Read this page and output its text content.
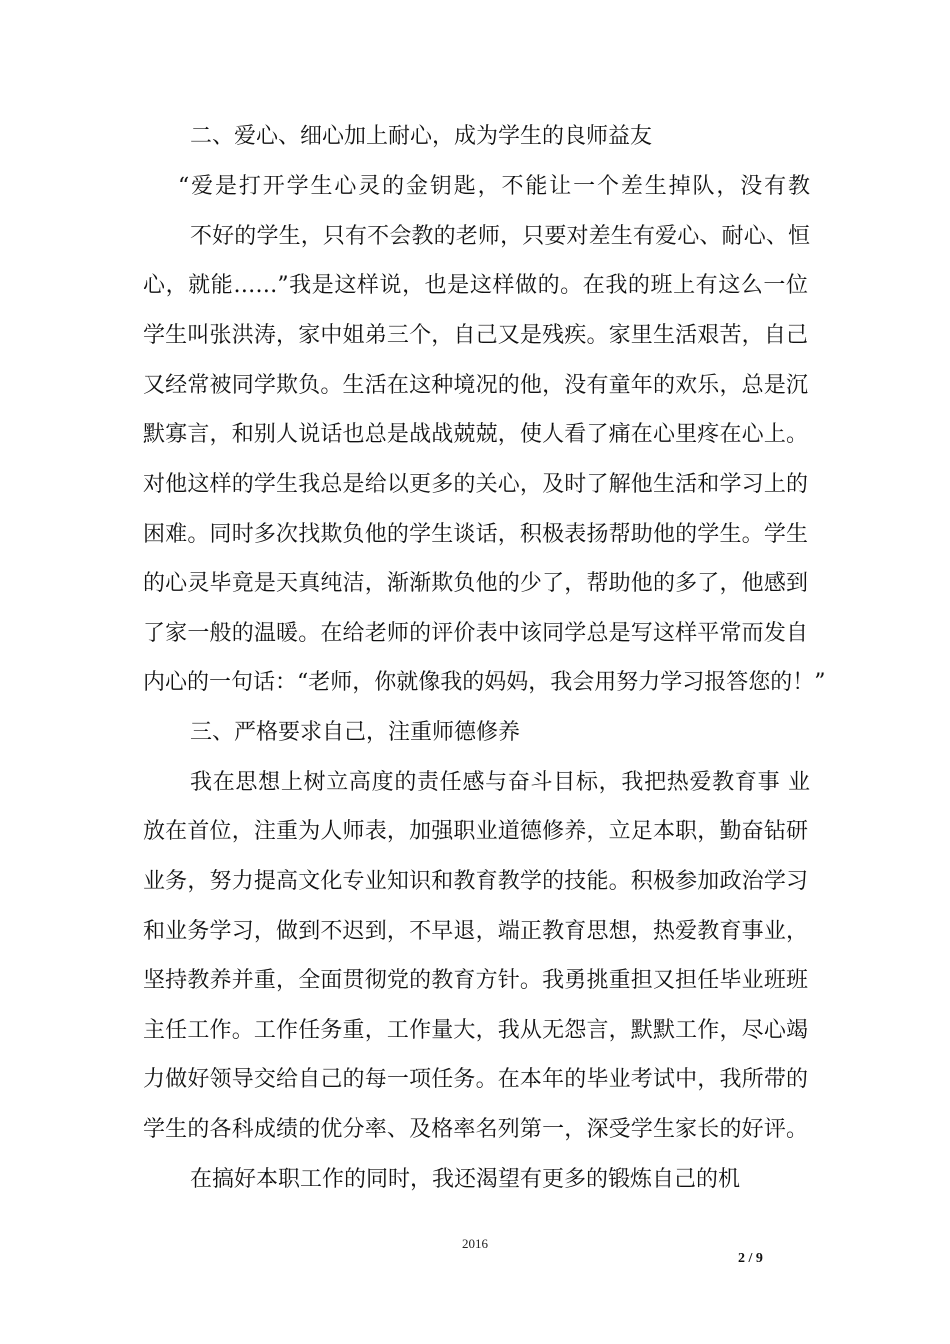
二、爱心、细心加上耐心，成为学生的良师益友
“爱是打开学生心灵的金钥匙，不能让一个差生掉队，没有教
不好的学生，只有不会教的老师，只要对差生有爱心、耐心、恒
心，就能……”我是这样说，也是这样做的。在我的班上有这么一位
学生叫张洪涛，家中姐弟三个，自己又是残疾。家里生活艰苦，自己
又经常被同学欺负。生活在这种境况的他，没有童年的欢乐，总是沉
默寡言，和别人说话也总是战战兢兢，使人看了痛在心里疼在心上。
对他这样的学生我总是给以更多的关心，及时了解他生活和学习上的
困难。同时多次找欺负他的学生谈话，积极表扬帮助他的学生。学生
的心灵毕竟是天真纯洁，渐渐欺负他的少了，帮助他的多了，他感到
了家一般的温暖。在给老师的评价表中该同学总是写这样平常而发自
内心的一句话：“老师，你就像我的妈妈，我会用努力学习报答您的！”
三、严格要求自己，注重师德修养
我在思想上树立高度的责任感与奋斗目标，我把热爱教育事 业
放在首位，注重为人师表，加强职业道德修养，立足本职，勤奋钻研
业务，努力提高文化专业知识和教育教学的技能。积极参加政治学习
和业务学习，做到不迟到，不早退，端正教育思想，热爱教育事业，
坚持教养并重，全面贯彻党的教育方针。我勇挑重担又担任毕业班班
主任工作。工作任务重，工作量大，我从无怨言，默默工作，尽心竭
力做好领导交给自己的每一项任务。在本年的毕业考试中，我所带的
学生的各科成绩的优分率、及格率名列第一，深受学生家长的好评。
在搞好本职工作的同时，我还渴望有更多的锻炼自己的机
2016
2 / 9
